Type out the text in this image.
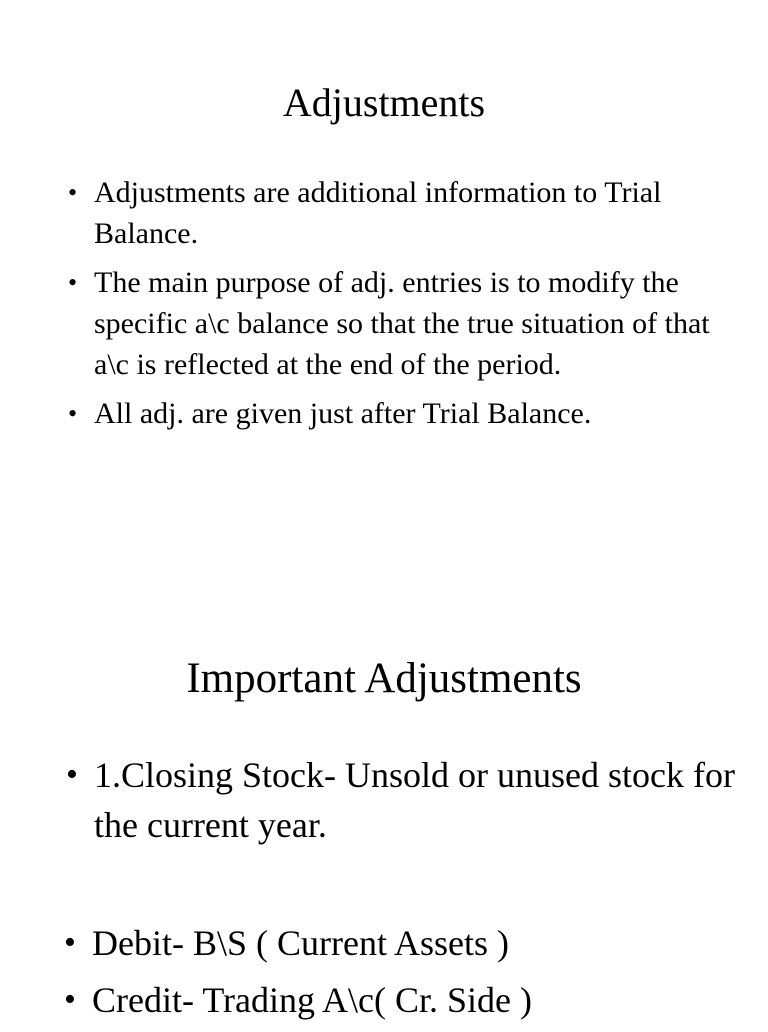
Adjustments
• Adjustments are additional information to Trial Balance.
• The main purpose of adj. entries is to modify the specific a\c balance so that the true situation of that a\c is reflected at the end of the period.
• All adj. are given just after Trial Balance.
Important Adjustments
• 1.Closing Stock- Unsold or unused stock for the current year.
• Debit- B\S ( Current Assets )
• Credit- Trading A\c( Cr. Side )
